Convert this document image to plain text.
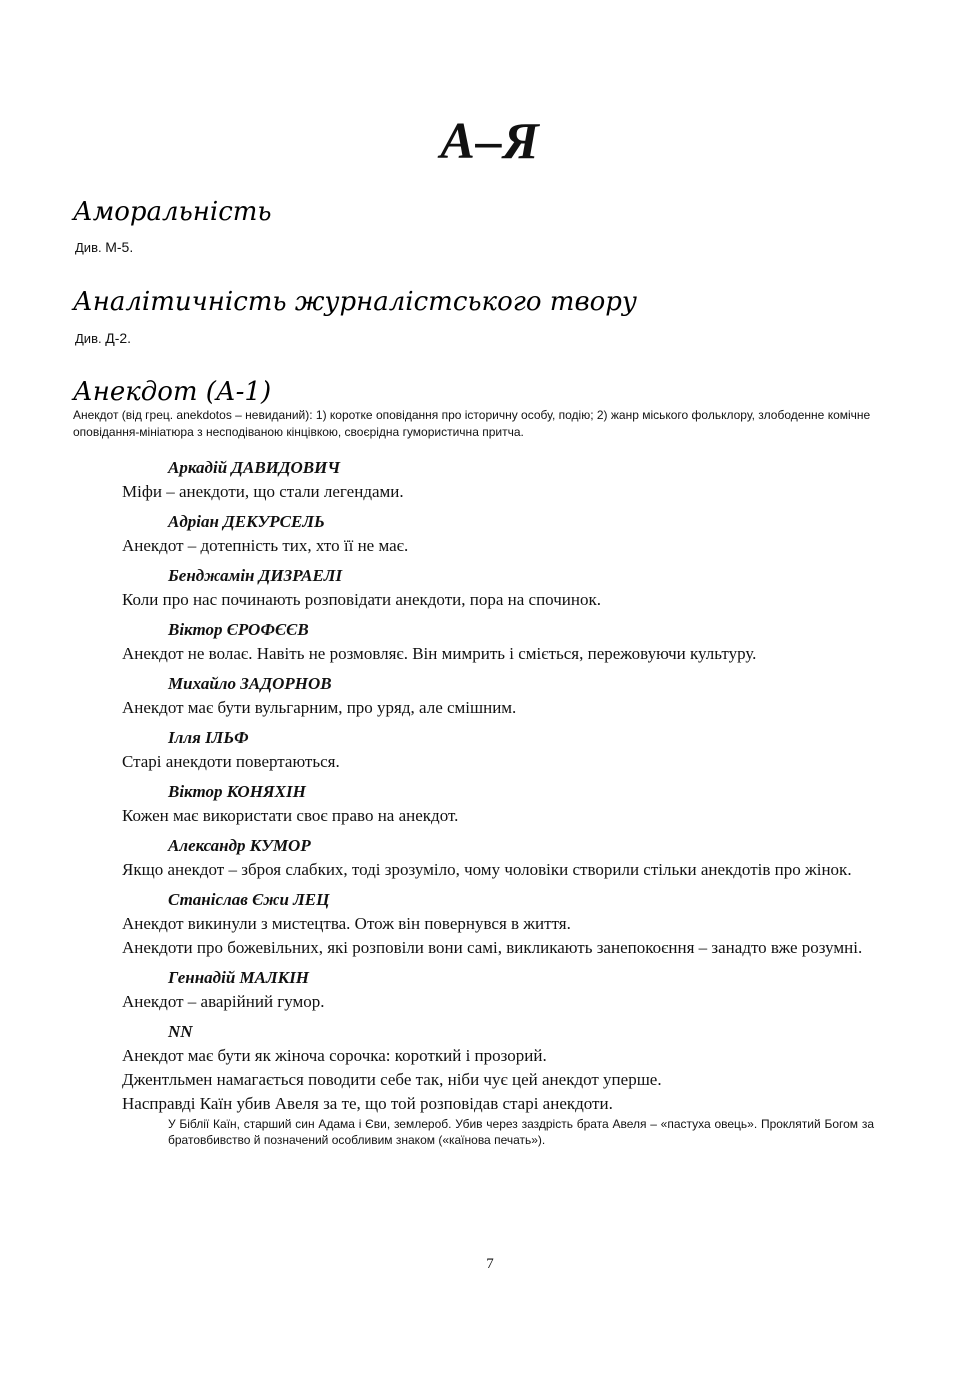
А–Я
Аморальність
Див. М-5.
Аналітичність журналістського твору
Див. Д-2.
Анекдот (А-1)
Анекдот (від грец. anekdotos – невиданий): 1) коротке оповідання про історичну особу, подію; 2) жанр міського фольклору, злободенне комічне оповідання-мініатюра з несподіваною кінцівкою, своєрідна гумористична притча.
Аркадій ДАВИДОВИЧ

Міфи – анекдоти, що стали легендами.

Адріан ДЕКУРСЕЛЬ

Анекдот – дотепність тих, хто її не має.

Бенджамін ДИЗРАЕЛІ

Коли про нас починають розповідати анекдоти, пора на спочинок.

Віктор ЄРОФЄЄВ

Анекдот не волає. Навіть не розмовляє. Він мимрить і сміється, пережовуючи культуру.

Михайло ЗАДОРНОВ

Анекдот має бути вульгарним, про уряд, але смішним.

Ілля ІЛЬФ

Старі анекдоти повертаються.

Віктор КОНЯХІН

Кожен має використати своє право на анекдот.

Александр КУМОР

Якщо анекдот – зброя слабких, тоді зрозуміло, чому чоловіки створили стільки анекдотів про жінок.

Станіслав Єжи ЛЕЦ

Анекдот викинули з мистецтва. Отож він повернувся в життя.

Анекдоти про божевільних, які розповіли вони самі, викликають занепокоєння – занадто вже розумні.

Геннадій МАЛКІН

Анекдот – аварійний гумор.

NN

Анекдот має бути як жіноча сорочка: короткий і прозорий.

Джентльмен намагається поводити себе так, ніби чує цей анекдот уперше.

Насправді Каїн убив Авеля за те, що той розповідав старі анекдоти.

У Біблії Каїн, старший син Адама і Єви, землероб. Убив через заздрість брата Авеля – «пастуха овець». Проклятий Богом за братовбивство й позначений особливим знаком («каїнова печать»).

7
